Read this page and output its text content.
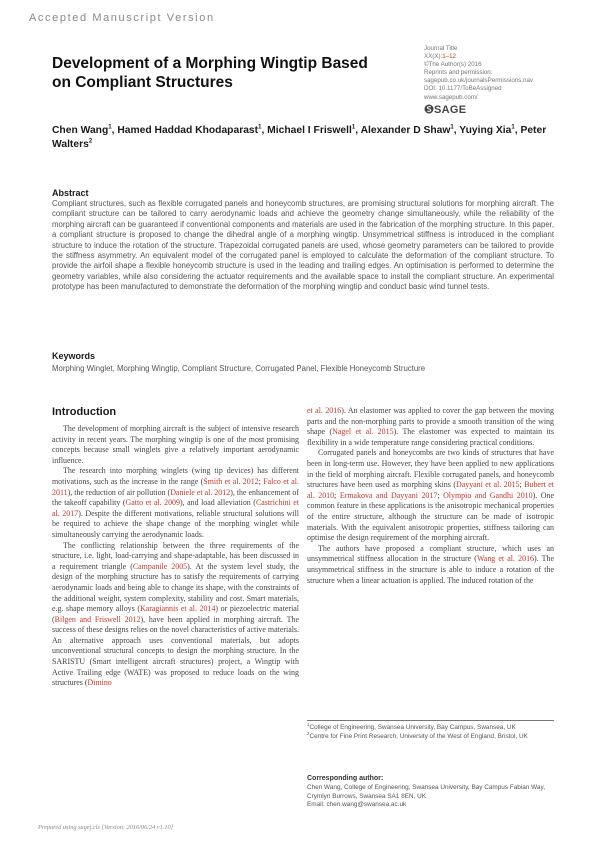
Accepted Manuscript Version
Development of a Morphing Wingtip Based on Compliant Structures
Journal Title
XX(X):1–12
©The Author(s) 2016
Reprints and permission:
sagepub.co.uk/journalsPermissions.nav
DOI: 10.1177/ToBeAssigned
www.sagepub.com/
SAGE
Chen Wang$^1$, Hamed Haddad Khodaparast$^1$, Michael I Friswell$^1$, Alexander D Shaw$^1$, Yuying Xia$^1$, Peter Walters$^2$
Abstract

Compliant structures, such as flexible corrugated panels and honeycomb structures, are promising structural solutions for morphing aircraft. The compliant structure can be tailored to carry aerodynamic loads and achieve the geometry change simultaneously, while the reliability of the morphing aircraft can be guaranteed if conventional components and materials are used in the fabrication of the morphing structure. In this paper, a compliant structure is proposed to change the dihedral angle of a morphing wingtip. Unsymmetrical stiffness is introduced in the compliant structure to induce the rotation of the structure. Trapezoidal corrugated panels are used, whose geometry parameters can be tailored to provide the stiffness asymmetry. An equivalent model of the corrugated panel is employed to calculate the deformation of the compliant structure. To provide the airfoil shape a flexible honeycomb structure is used in the leading and trailing edges. An optimisation is performed to determine the geometry variables, while also considering the actuator requirements and the available space to install the compliant structure. An experimental prototype has been manufactured to demonstrate the deformation of the morphing wingtip and conduct basic wind tunnel tests.

Keywords

Morphing Winglet, Morphing Wingtip, Compliant Structure, Corrugated Panel, Flexible Honeycomb Structure

Introduction

The development of morphing aircraft is the subject of intensive research activity in recent years. The morphing wingtip is one of the most promising concepts because small winglets give a relatively important aerodynamic influence.

The research into morphing winglets (wing tip devices) has different motivations, such as the increase in the range (Smith et al. 2012; Falco et al. 2011), the reduction of air pollution (Daniele et al. 2012), the enhancement of the takeoff capability (Gatto et al. 2009), and load alleviation (Castrichini et al. 2017). Despite the different motivations, reliable structural solutions will be required to achieve the shape change of the morphing winglet while simultaneously carrying the aerodynamic loads.

The conflicting relationship between the three requirements of the structure, i.e. light, load-carrying and shape-adaptable, has been discussed in a requirement triangle (Campanile 2005). At the system level study, the design of the morphing structure has to satisfy the requirements of carrying aerodynamic loads and being able to change its shape, with the constraints of the additional weight, system complexity, stability and cost. Smart materials, e.g. shape memory alloys (Karagiannis et al. 2014) or piezoelectric material (Bilgen and Friswell 2012), have been applied in morphing aircraft. The success of these designs relies on the novel characteristics of active materials. An alternative approach uses conventional materials, but adopts unconventional structural concepts to design the morphing structure. In the SARISTU (Smart intelligent aircraft structures) project, a Wingtip with Active Trailing edge (WATE) was proposed to reduce loads on the wing structures (Dimino

et al. 2016). An elastomer was applied to cover the gap between the moving parts and the non-morphing parts to provide a smooth transition of the wing shape (Nagel et al. 2015). The elastomer was expected to maintain its flexibility in a wide temperature range considering practical conditions.

Corrugated panels and honeycombs are two kinds of structures that have been in long-term use. However, they have been applied to new applications in the field of morphing aircraft. Flexible corrugated panels, and honeycomb structures have been used as morphing skins (Dayyani et al. 2015; Bubert et al. 2010; Ermakova and Dayyani 2017; Olympio and Gandhi 2010). One common feature in these applications is the anisotropic mechanical properties of the entire structure, although the structure can be made of isotropic materials. With the equivalent anisotropic properties, stiffness tailoring can optimise the design requirement of the morphing aircraft.

The authors have proposed a compliant structure, which uses an unsymmetrical stiffness allocation in the structure (Wang et al. 2016). The unsymmetrical stiffness in the structure is able to induce a rotation of the structure when a linear actuation is applied. The induced rotation of the

$^1$College of Engineering, Swansea University, Bay Campus, Swansea, UK
$^2$Centre for Fine Print Research, University of the West of England, Bristol, UK
Corresponding author:
Chen Wang, College of Engineering, Swansea University, Bay Campus Fabian Way, Crymlyn Burrows, Swansea SA1 8EN, UK
Email: chen.wang@swansea.ac.uk
Prepared using sagej.cls [Version: 2016/06/24 v1.10]
